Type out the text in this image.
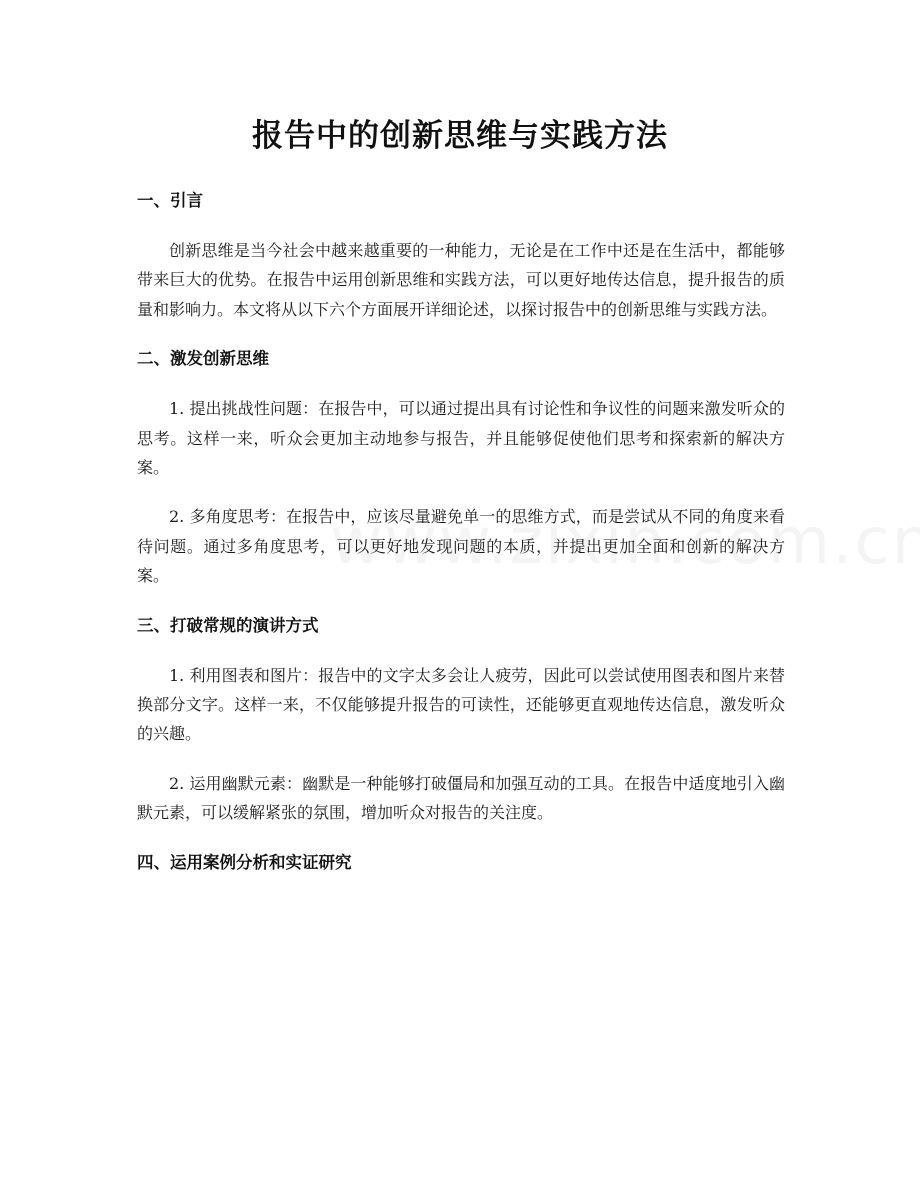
报告中的创新思维与实践方法
一、引言

创新思维是当今社会中越来越重要的一种能力，无论是在工作中还是在生活中，都能够带来巨大的优势。在报告中运用创新思维和实践方法，可以更好地传达信息，提升报告的质量和影响力。本文将从以下六个方面展开详细论述，以探讨报告中的创新思维与实践方法。

二、激发创新思维

1. 提出挑战性问题：在报告中，可以通过提出具有讨论性和争议性的问题来激发听众的思考。这样一来，听众会更加主动地参与报告，并且能够促使他们思考和探索新的解决方案。

2. 多角度思考：在报告中，应该尽量避免单一的思维方式，而是尝试从不同的角度来看待问题。通过多角度思考，可以更好地发现问题的本质，并提出更加全面和创新的解决方案。

三、打破常规的演讲方式

1. 利用图表和图片：报告中的文字太多会让人疲劳，因此可以尝试使用图表和图片来替换部分文字。这样一来，不仅能够提升报告的可读性，还能够更直观地传达信息，激发听众的兴趣。

2. 运用幽默元素：幽默是一种能够打破僵局和加强互动的工具。在报告中适度地引入幽默元素，可以缓解紧张的氛围，增加听众对报告的关注度。

四、运用案例分析和实证研究
